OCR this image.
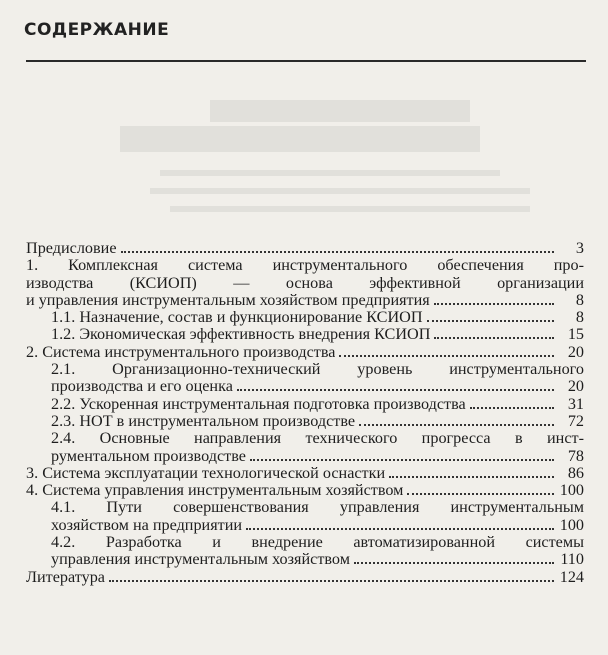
СОДЕРЖАНИЕ
Предисловие	3
1. Комплексная система инструментального обеспечения про-
изводства (КСИОП) — основа эффективной организации
и управления инструментальным хозяйством предприятия	8
1.1. Назначение, состав и функционирование КСИОП	8
1.2. Экономическая эффективность внедрения КСИОП	15
2. Система инструментального производства	20
2.1. Организационно-технический уровень инструментального
производства и его оценка	20
2.2. Ускоренная инструментальная подготовка производства	31
2.3. НОТ в инструментальном производстве	72
2.4. Основные направления технического прогресса в инст-
рументальном производстве	78
3. Система эксплуатации технологической оснастки	86
4. Система управления инструментальным хозяйством	100
4.1. Пути совершенствования управления инструментальным
хозяйством на предприятии	100
4.2. Разработка и внедрение автоматизированной системы
управления инструментальным хозяйством	110
Литература	124
